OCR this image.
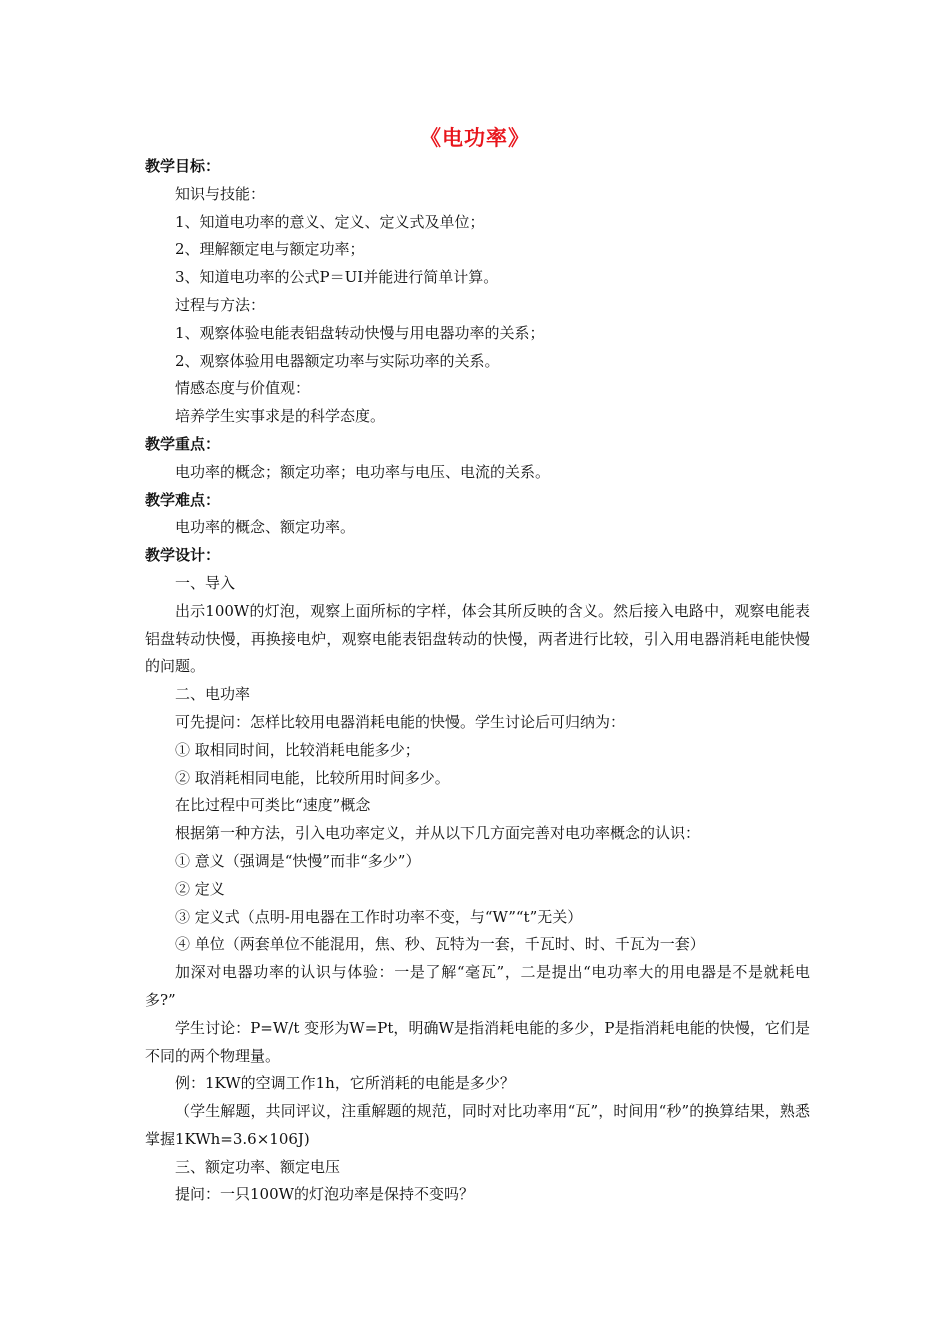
《电功率》

教学目标：

知识与技能：

1、知道电功率的意义、定义、定义式及单位；

2、理解额定电与额定功率；

3、知道电功率的公式P＝UI并能进行简单计算。

过程与方法：

1、观察体验电能表铝盘转动快慢与用电器功率的关系；

2、观察体验用电器额定功率与实际功率的关系。

情感态度与价值观：

培养学生实事求是的科学态度。

教学重点：

电功率的概念；额定功率；电功率与电压、电流的关系。

教学难点：

电功率的概念、额定功率。

教学设计：

一、导入

出示100W的灯泡，观察上面所标的字样，体会其所反映的含义。然后接入电路中，观察电能表铝盘转动快慢，再换接电炉，观察电能表铝盘转动的快慢，两者进行比较，引入用电器消耗电能快慢的问题。

二、电功率

可先提问：怎样比较用电器消耗电能的快慢。学生讨论后可归纳为：

① 取相同时间，比较消耗电能多少；

② 取消耗相同电能，比较所用时间多少。

在比过程中可类比“速度”概念

根据第一种方法，引入电功率定义，并从以下几方面完善对电功率概念的认识：

① 意义（强调是“快慢”而非“多少”）

② 定义

③ 定义式（点明-用电器在工作时功率不变，与“W”“t”无关）

④ 单位（两套单位不能混用，焦、秒、瓦特为一套，千瓦时、时、千瓦为一套）

加深对电器功率的认识与体验：一是了解“毫瓦”，二是提出“电功率大的用电器是不是就耗电多?”

学生讨论：P=W/t 变形为W=Pt，明确W是指消耗电能的多少，P是指消耗电能的快慢，它们是不同的两个物理量。

例：1KW的空调工作1h，它所消耗的电能是多少？

（学生解题，共同评议，注重解题的规范，同时对比功率用“瓦”，时间用“秒”的换算结果，熟悉掌握1KWh=3.6×106J)

三、额定功率、额定电压

提问：一只100W的灯泡功率是保持不变吗？
